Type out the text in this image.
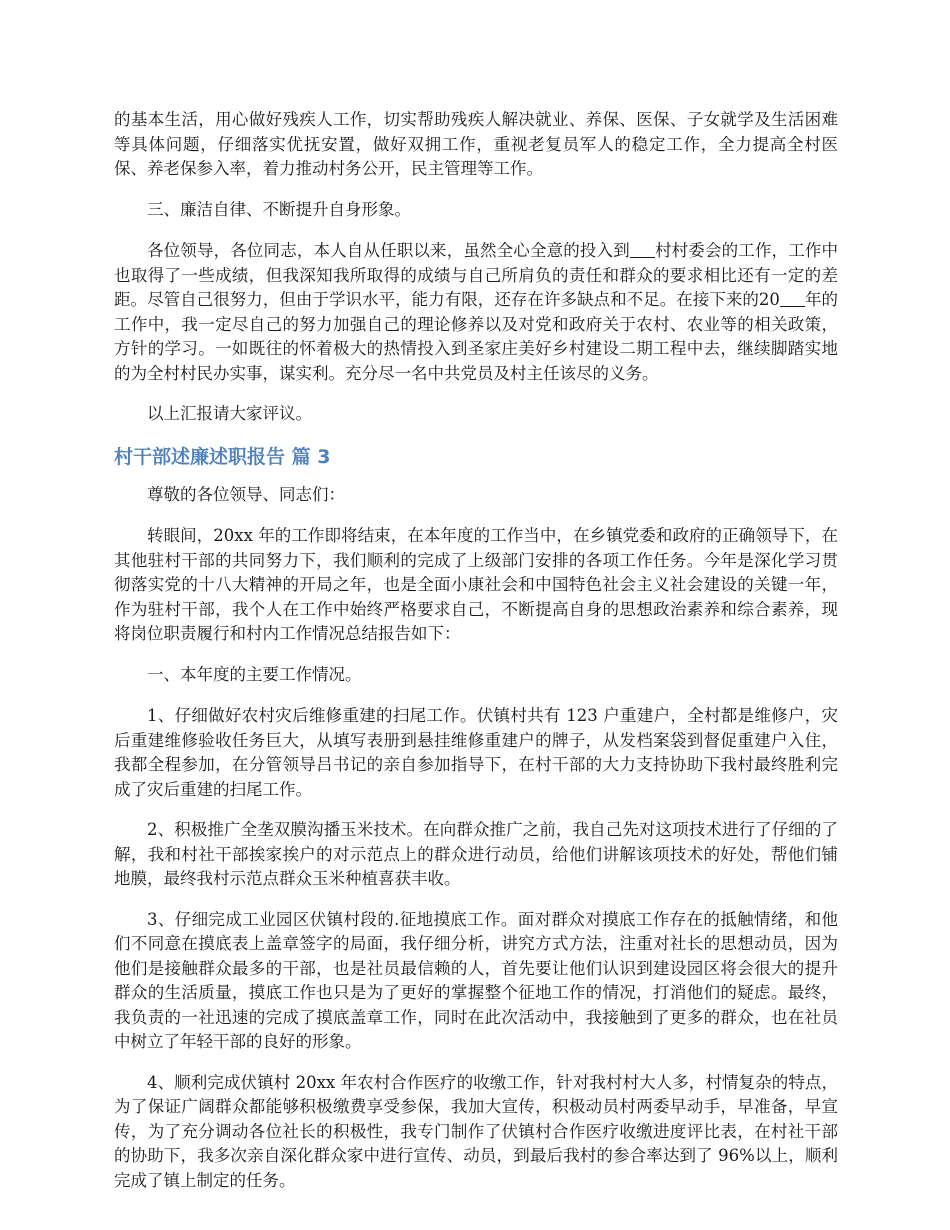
的基本生活，用心做好残疾人工作，切实帮助残疾人解决就业、养保、医保、子女就学及生活困难等具体问题，仔细落实优抚安置，做好双拥工作，重视老复员军人的稳定工作，全力提高全村医保、养老保参入率，着力推动村务公开，民主管理等工作。

三、廉洁自律、不断提升自身形象。

各位领导，各位同志，本人自从任职以来，虽然全心全意的投入到 村村委会的工作，工作中也取得了一些成绩，但我深知我所取得的成绩与自己所肩负的责任和群众的要求相比还有一定的差距。尽管自己很努力，但由于学识水平，能力有限，还存在许多缺点和不足。在接下来的20 年的工作中，我一定尽自己的努力加强自己的理论修养以及对党和政府关于农村、农业等的相关政策，方针的学习。一如既往的怀着极大的热情投入到圣家庄美好乡村建设二期工程中去，继续脚踏实地的为全村村民办实事，谋实利。充分尽一名中共党员及村主任该尽的义务。

以上汇报请大家评议。

村干部述廉述职报告 篇 3

尊敬的各位领导、同志们：

转眼间，20xx 年的工作即将结束，在本年度的工作当中，在乡镇党委和政府的正确领导下，在其他驻村干部的共同努力下，我们顺利的完成了上级部门安排的各项工作任务。今年是深化学习贯彻落实党的十八大精神的开局之年，也是全面小康社会和中国特色社会主义社会建设的关键一年，作为驻村干部，我个人在工作中始终严格要求自己，不断提高自身的思想政治素养和综合素养，现将岗位职责履行和村内工作情况总结报告如下：

一、本年度的主要工作情况。

1、仔细做好农村灾后维修重建的扫尾工作。伏镇村共有 123 户重建户，全村都是维修户，灾后重建维修验收任务巨大，从填写表册到悬挂维修重建户的牌子，从发档案袋到督促重建户入住，我都全程参加，在分管领导吕书记的亲自参加指导下，在村干部的大力支持协助下我村最终胜利完成了灾后重建的扫尾工作。

2、积极推广全垄双膜沟播玉米技术。在向群众推广之前，我自己先对这项技术进行了仔细的了解，我和村社干部挨家挨户的对示范点上的群众进行动员，给他们讲解该项技术的好处，帮他们铺地膜，最终我村示范点群众玉米种植喜获丰收。

3、仔细完成工业园区伏镇村段的.征地摸底工作。面对群众对摸底工作存在的抵触情绪，和他们不同意在摸底表上盖章签字的局面，我仔细分析，讲究方式方法，注重对社长的思想动员，因为他们是接触群众最多的干部，也是社员最信赖的人，首先要让他们认识到建设园区将会很大的提升群众的生活质量，摸底工作也只是为了更好的掌握整个征地工作的情况，打消他们的疑虑。最终，我负责的一社迅速的完成了摸底盖章工作，同时在此次活动中，我接触到了更多的群众，也在社员中树立了年轻干部的良好的形象。

4、顺利完成伏镇村 20xx 年农村合作医疗的收缴工作，针对我村村大人多，村情复杂的特点，为了保证广阔群众都能够积极缴费享受参保，我加大宣传，积极动员村两委早动手，早准备，早宣传，为了充分调动各位社长的积极性，我专门制作了伏镇村合作医疗收缴进度评比表，在村社干部的协助下，我多次亲自深化群众家中进行宣传、动员，到最后我村的参合率达到了 96%以上，顺利完成了镇上制定的任务。
